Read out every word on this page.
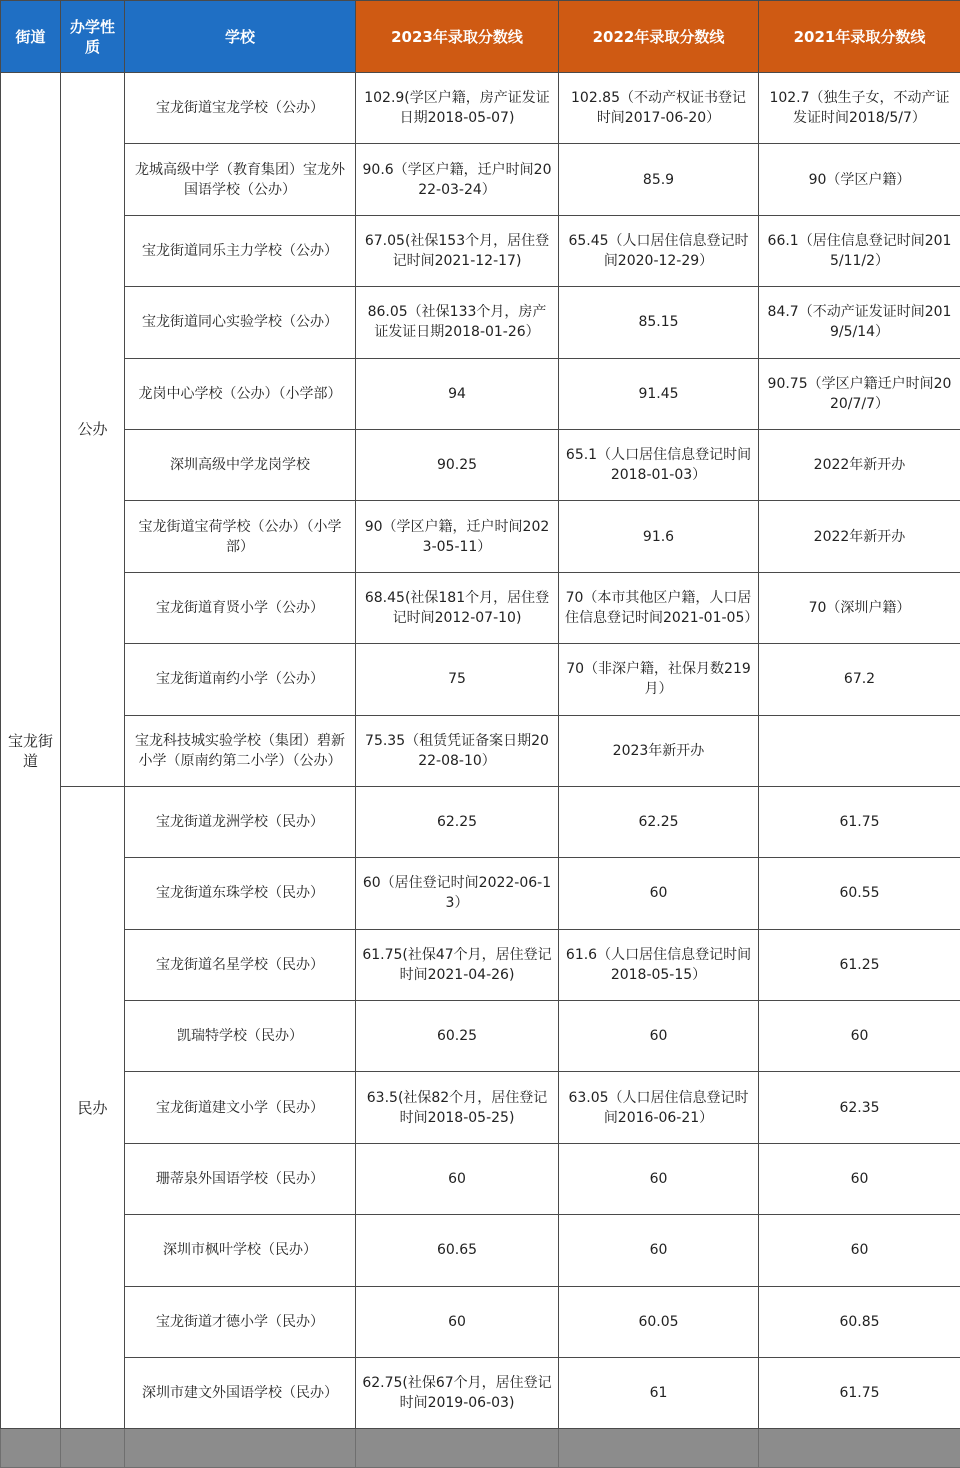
街道	办学性质	学校	2023年录取分数线	2022年录取分数线	2021年录取分数线
宝龙街道	公办	宝龙街道宝龙学校（公办）	102.9(学区户籍，房产证发证日期2018-05-07)	102.85（不动产权证书登记时间2017-06-20）	102.7（独生子女，不动产证发证时间2018/5/7）
		龙城高级中学（教育集团）宝龙外国语学校（公办）	90.6（学区户籍，迁户时间2022-03-24）	85.9	90（学区户籍）
		宝龙街道同乐主力学校（公办）	67.05(社保153个月，居住登记时间2021-12-17)	65.45（人口居住信息登记时间2020-12-29）	66.1（居住信息登记时间2015/11/2）
		宝龙街道同心实验学校（公办）	86.05（社保133个月，房产证发证日期2018-01-26）	85.15	84.7（不动产证发证时间2019/5/14）
		龙岗中心学校（公办）（小学部）	94	91.45	90.75（学区户籍迁户时间2020/7/7）
		深圳高级中学龙岗学校	90.25	65.1（人口居住信息登记时间2018-01-03）	2022年新开办
		宝龙街道宝荷学校（公办）（小学部）	90（学区户籍，迁户时间2023-05-11）	91.6	2022年新开办
		宝龙街道育贤小学（公办）	68.45(社保181个月，居住登记时间2012-07-10)	70（本市其他区户籍，人口居住信息登记时间2021-01-05）	70（深圳户籍）
		宝龙街道南约小学（公办）	75	70（非深户籍，社保月数219月）	67.2
		宝龙科技城实验学校（集团）碧新小学（原南约第二小学）（公办）	75.35（租赁凭证备案日期2022-08-10）	2023年新开办	
	民办	宝龙街道龙洲学校（民办）	62.25	62.25	61.75
		宝龙街道东珠学校（民办）	60（居住登记时间2022-06-13）	60	60.55
		宝龙街道名星学校（民办）	61.75(社保47个月，居住登记时间2021-04-26)	61.6（人口居住信息登记时间2018-05-15）	61.25
		凯瑞特学校（民办）	60.25	60	60
		宝龙街道建文小学（民办）	63.5(社保82个月，居住登记时间2018-05-25)	63.05（人口居住信息登记时间2016-06-21）	62.35
		珊蒂泉外国语学校（民办）	60	60	60
		深圳市枫叶学校（民办）	60.65	60	60
		宝龙街道才德小学（民办）	60	60.05	60.85
		深圳市建文外国语学校（民办）	62.75(社保67个月，居住登记时间2019-06-03)	61	61.75
